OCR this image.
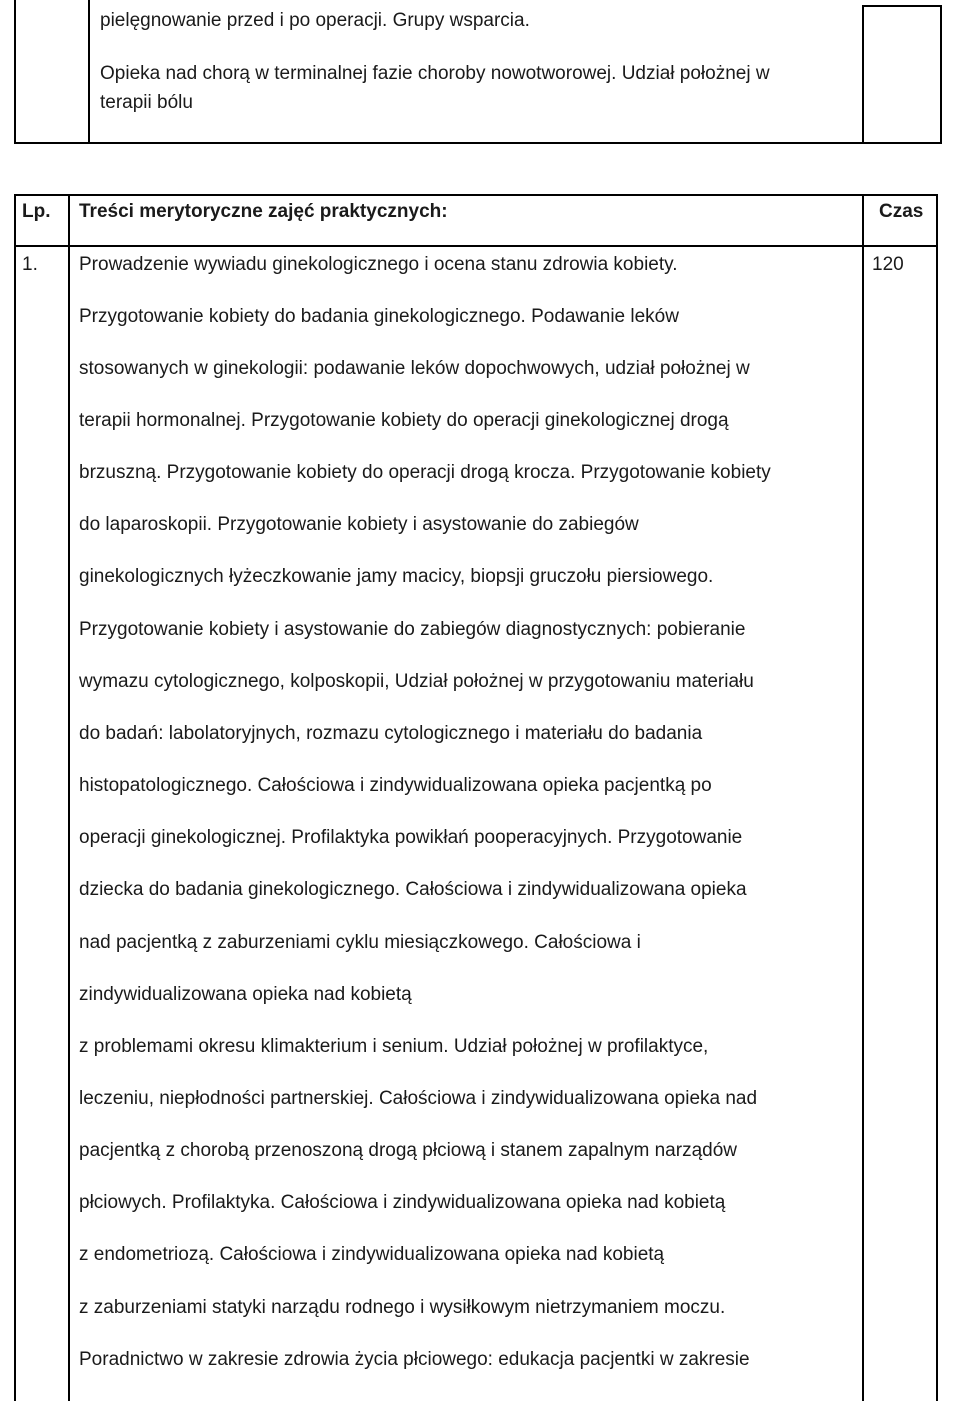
pielęgnowanie przed i po operacji. Grupy wsparcia.
Opieka nad chorą w terminalnej fazie choroby nowotworowej. Udział położnej w
terapii bólu
Lp. Treści merytoryczne zajęć praktycznych:	Czas
1.	120
Prowadzenie wywiadu ginekologicznego i ocena stanu zdrowia kobiety.
Przygotowanie kobiety do badania ginekologicznego. Podawanie leków
stosowanych w ginekologii: podawanie leków dopochwowych, udział położnej w
terapii hormonalnej. Przygotowanie kobiety do operacji ginekologicznej drogą
brzuszną. Przygotowanie kobiety do operacji drogą krocza. Przygotowanie kobiety
do laparoskopii. Przygotowanie kobiety i asystowanie do zabiegów
ginekologicznych łyżeczkowanie jamy macicy, biopsji gruczołu piersiowego.
Przygotowanie kobiety i asystowanie do zabiegów diagnostycznych: pobieranie
wymazu cytologicznego, kolposkopii, Udział położnej w przygotowaniu materiału
do badań: labolatoryjnych, rozmazu cytologicznego i materiału do badania
histopatologicznego. Całościowa i zindywidualizowana opieka pacjentką po
operacji ginekologicznej. Profilaktyka powikłań pooperacyjnych. Przygotowanie
dziecka do badania ginekologicznego. Całościowa i zindywidualizowana opieka
nad pacjentką z zaburzeniami cyklu miesiączkowego. Całościowa i
zindywidualizowana opieka nad kobietą
z problemami okresu klimakterium i senium. Udział położnej w profilaktyce,
leczeniu, niepłodności partnerskiej. Całościowa i zindywidualizowana opieka nad
pacjentką z chorobą przenoszoną drogą płciową i stanem zapalnym narządów
płciowych. Profilaktyka. Całościowa i zindywidualizowana opieka nad kobietą
z endometriozą. Całościowa i zindywidualizowana opieka nad kobietą
z zaburzeniami statyki narządu rodnego i wysiłkowym nietrzymaniem moczu.
Poradnictwo w zakresie zdrowia życia płciowego: edukacja pacjentki w zakresie
